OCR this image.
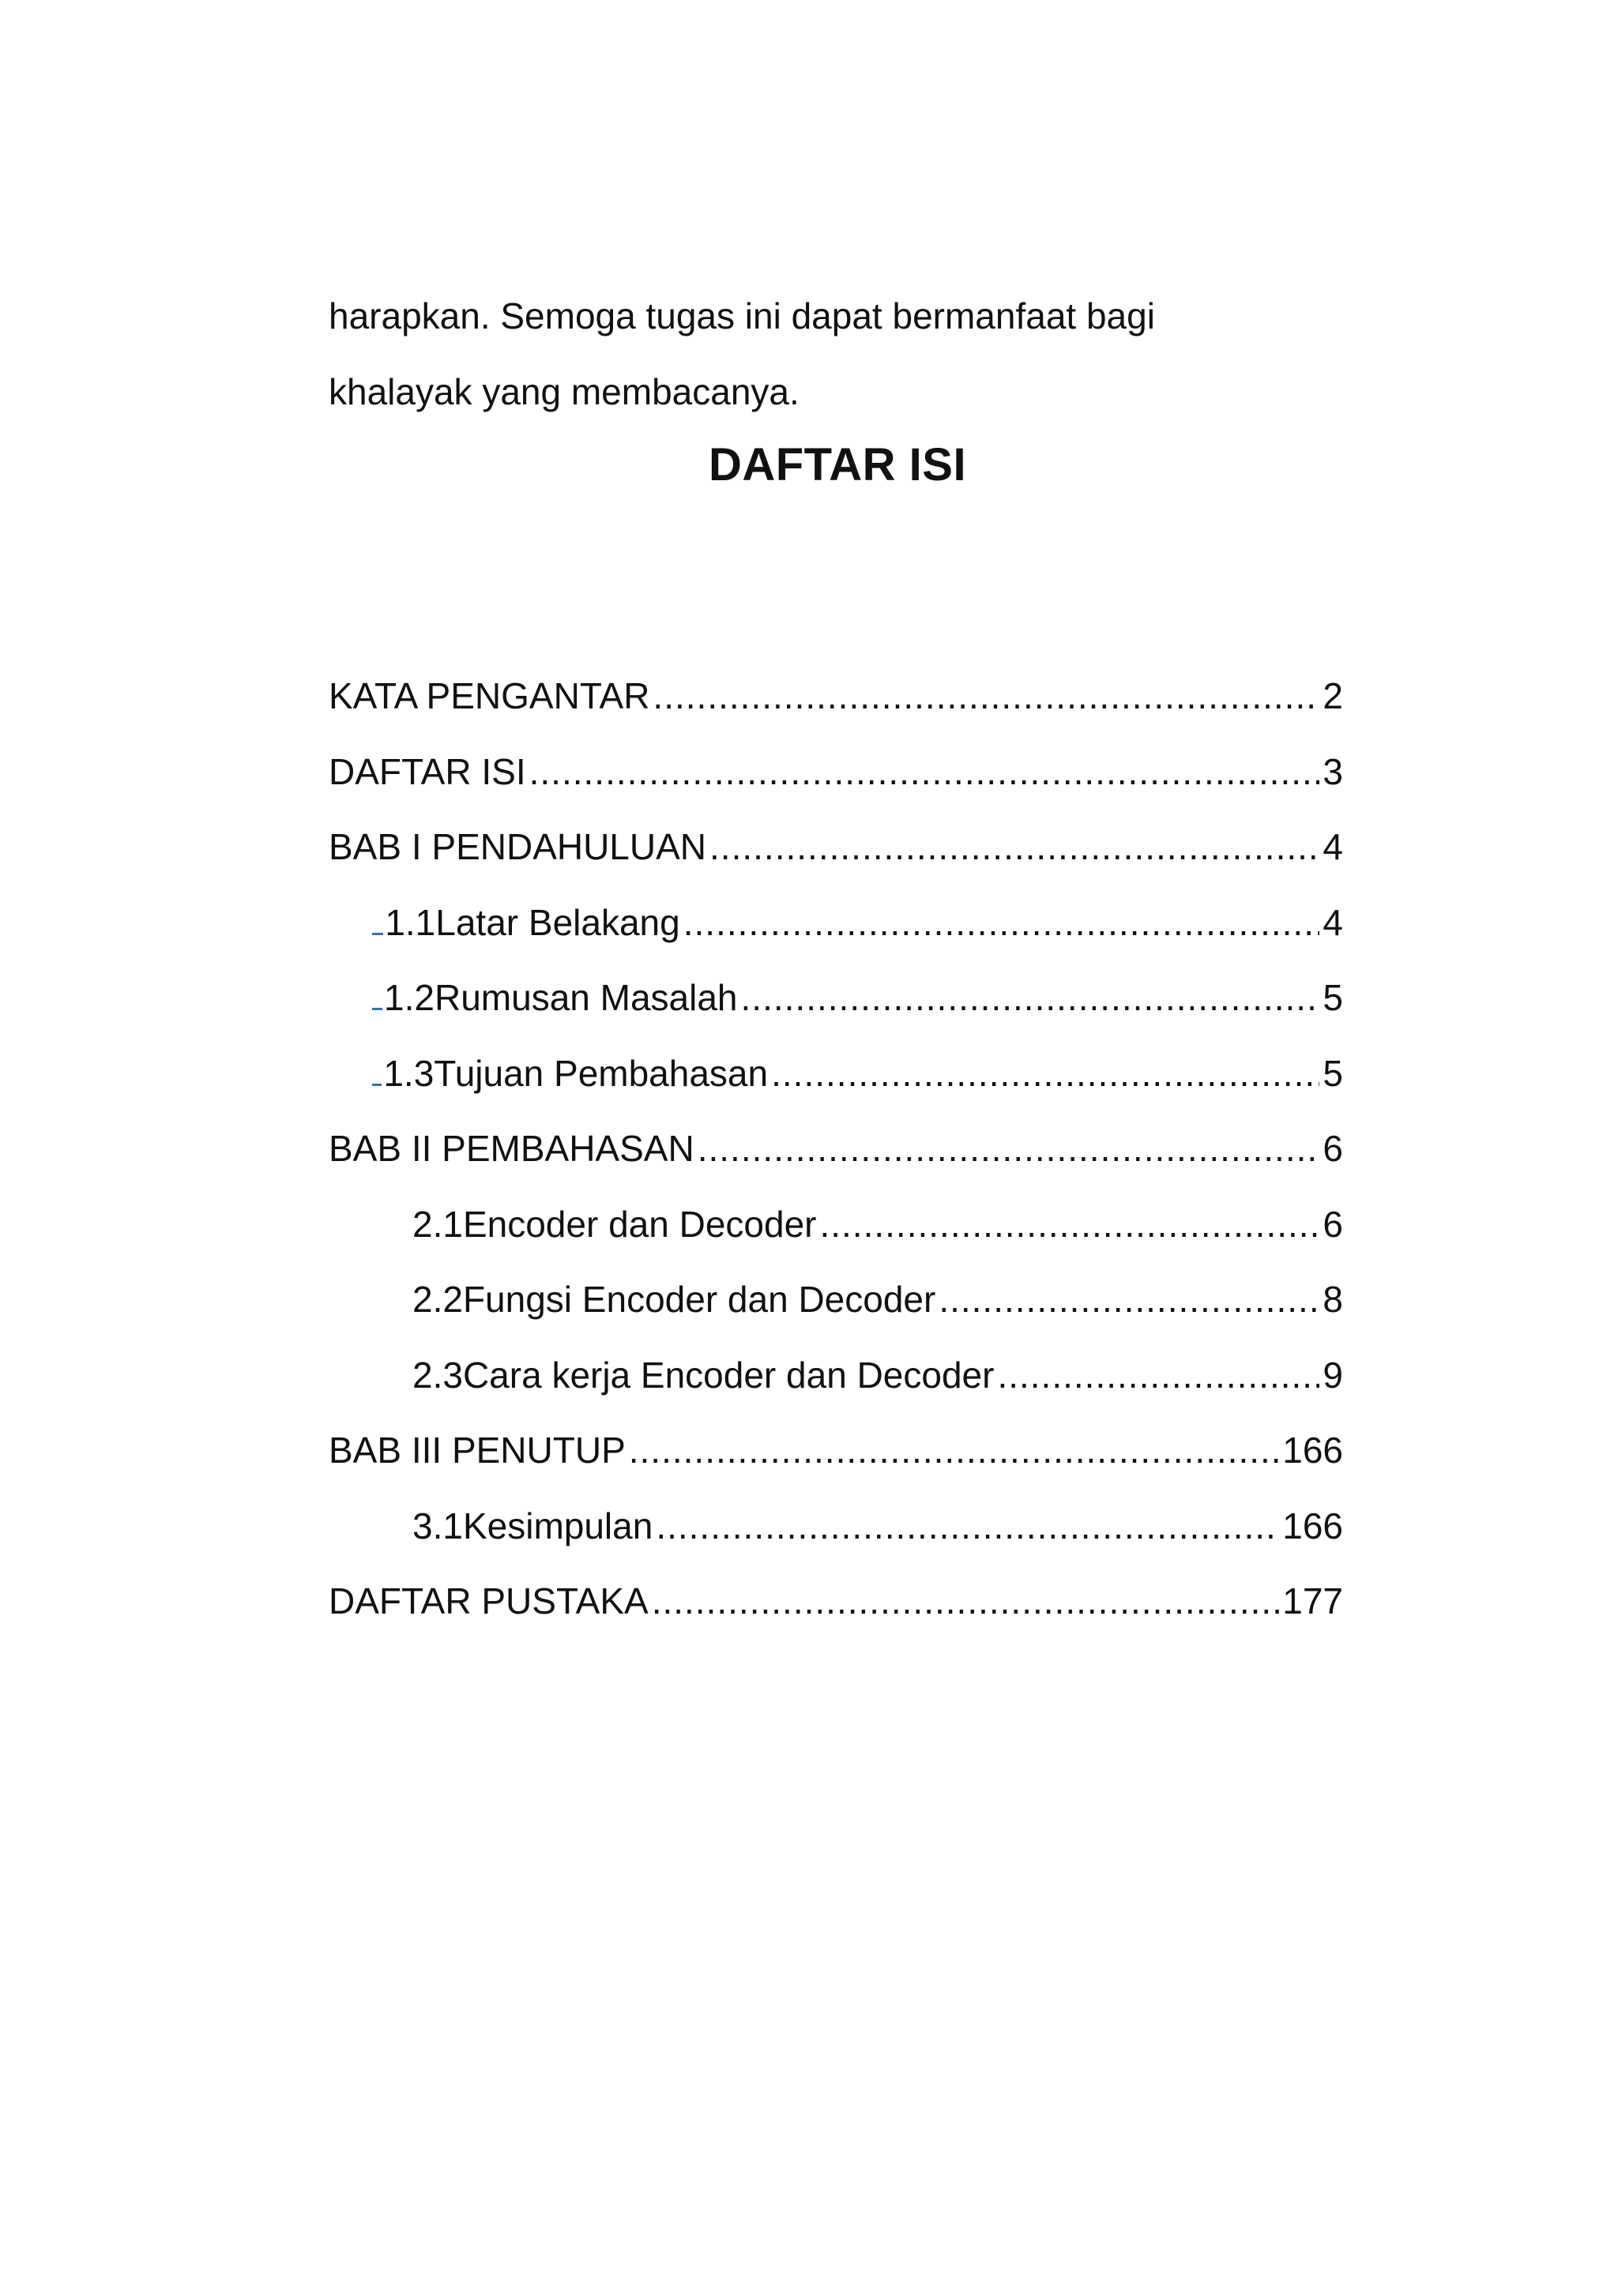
harapkan. Semoga tugas ini dapat bermanfaat bagi

khalayak yang membacanya.

DAFTAR ISI
KATA PENGANTAR .....	2
DAFTAR ISI .....	3
BAB I PENDAHULUAN .....	4
1.1 Latar Belakang .....	4
1.2 Rumusan Masalah .....	5
1.3 Tujuan Pembahasan .....	5
BAB II PEMBAHASAN .....	6
2.1 Encoder dan Decoder .....	6
2.2 Fungsi Encoder dan Decoder .....	8
2.3 Cara kerja Encoder dan Decoder .....	9
BAB III PENUTUP .....	166
3.1 Kesimpulan .....	166
DAFTAR PUSTAKA .....	177
